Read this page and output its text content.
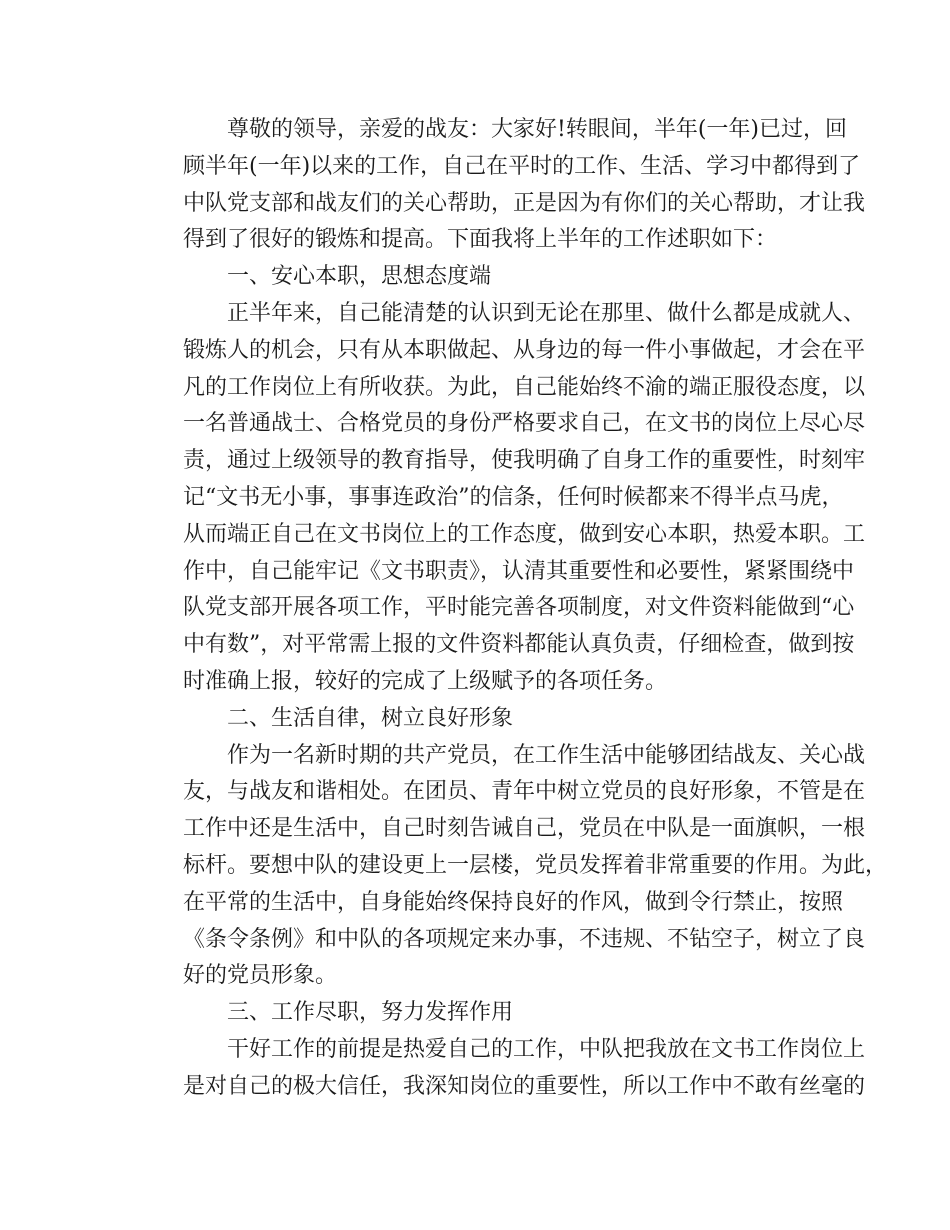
尊敬的领导，亲爱的战友：大家好!转眼间，半年(一年)已过，回
顾半年(一年)以来的工作，自己在平时的工作、生活、学习中都得到了
中队党支部和战友们的关心帮助，正是因为有你们的关心帮助，才让我
得到了很好的锻炼和提高。下面我将上半年的工作述职如下：
一、安心本职，思想态度端
正半年来，自己能清楚的认识到无论在那里、做什么都是成就人、
锻炼人的机会，只有从本职做起、从身边的每一件小事做起，才会在平
凡的工作岗位上有所收获。为此，自己能始终不渝的端正服役态度，以
一名普通战士、合格党员的身份严格要求自己，在文书的岗位上尽心尽
责，通过上级领导的教育指导，使我明确了自身工作的重要性，时刻牢
记“文书无小事，事事连政治”的信条，任何时候都来不得半点马虎，
从而端正自己在文书岗位上的工作态度，做到安心本职，热爱本职。工
作中，自己能牢记《文书职责》，认清其重要性和必要性，紧紧围绕中
队党支部开展各项工作，平时能完善各项制度，对文件资料能做到“心
中有数”，对平常需上报的文件资料都能认真负责，仔细检查，做到按
时准确上报，较好的完成了上级赋予的各项任务。
二、生活自律，树立良好形象
作为一名新时期的共产党员，在工作生活中能够团结战友、关心战
友，与战友和谐相处。在团员、青年中树立党员的良好形象，不管是在
工作中还是生活中，自己时刻告诫自己，党员在中队是一面旗帜，一根
标杆。要想中队的建设更上一层楼，党员发挥着非常重要的作用。为此，
在平常的生活中，自身能始终保持良好的作风，做到令行禁止，按照
《条令条例》和中队的各项规定来办事，不违规、不钻空子，树立了良
好的党员形象。
三、工作尽职，努力发挥作用
干好工作的前提是热爱自己的工作，中队把我放在文书工作岗位上
是对自己的极大信任，我深知岗位的重要性，所以工作中不敢有丝毫的
